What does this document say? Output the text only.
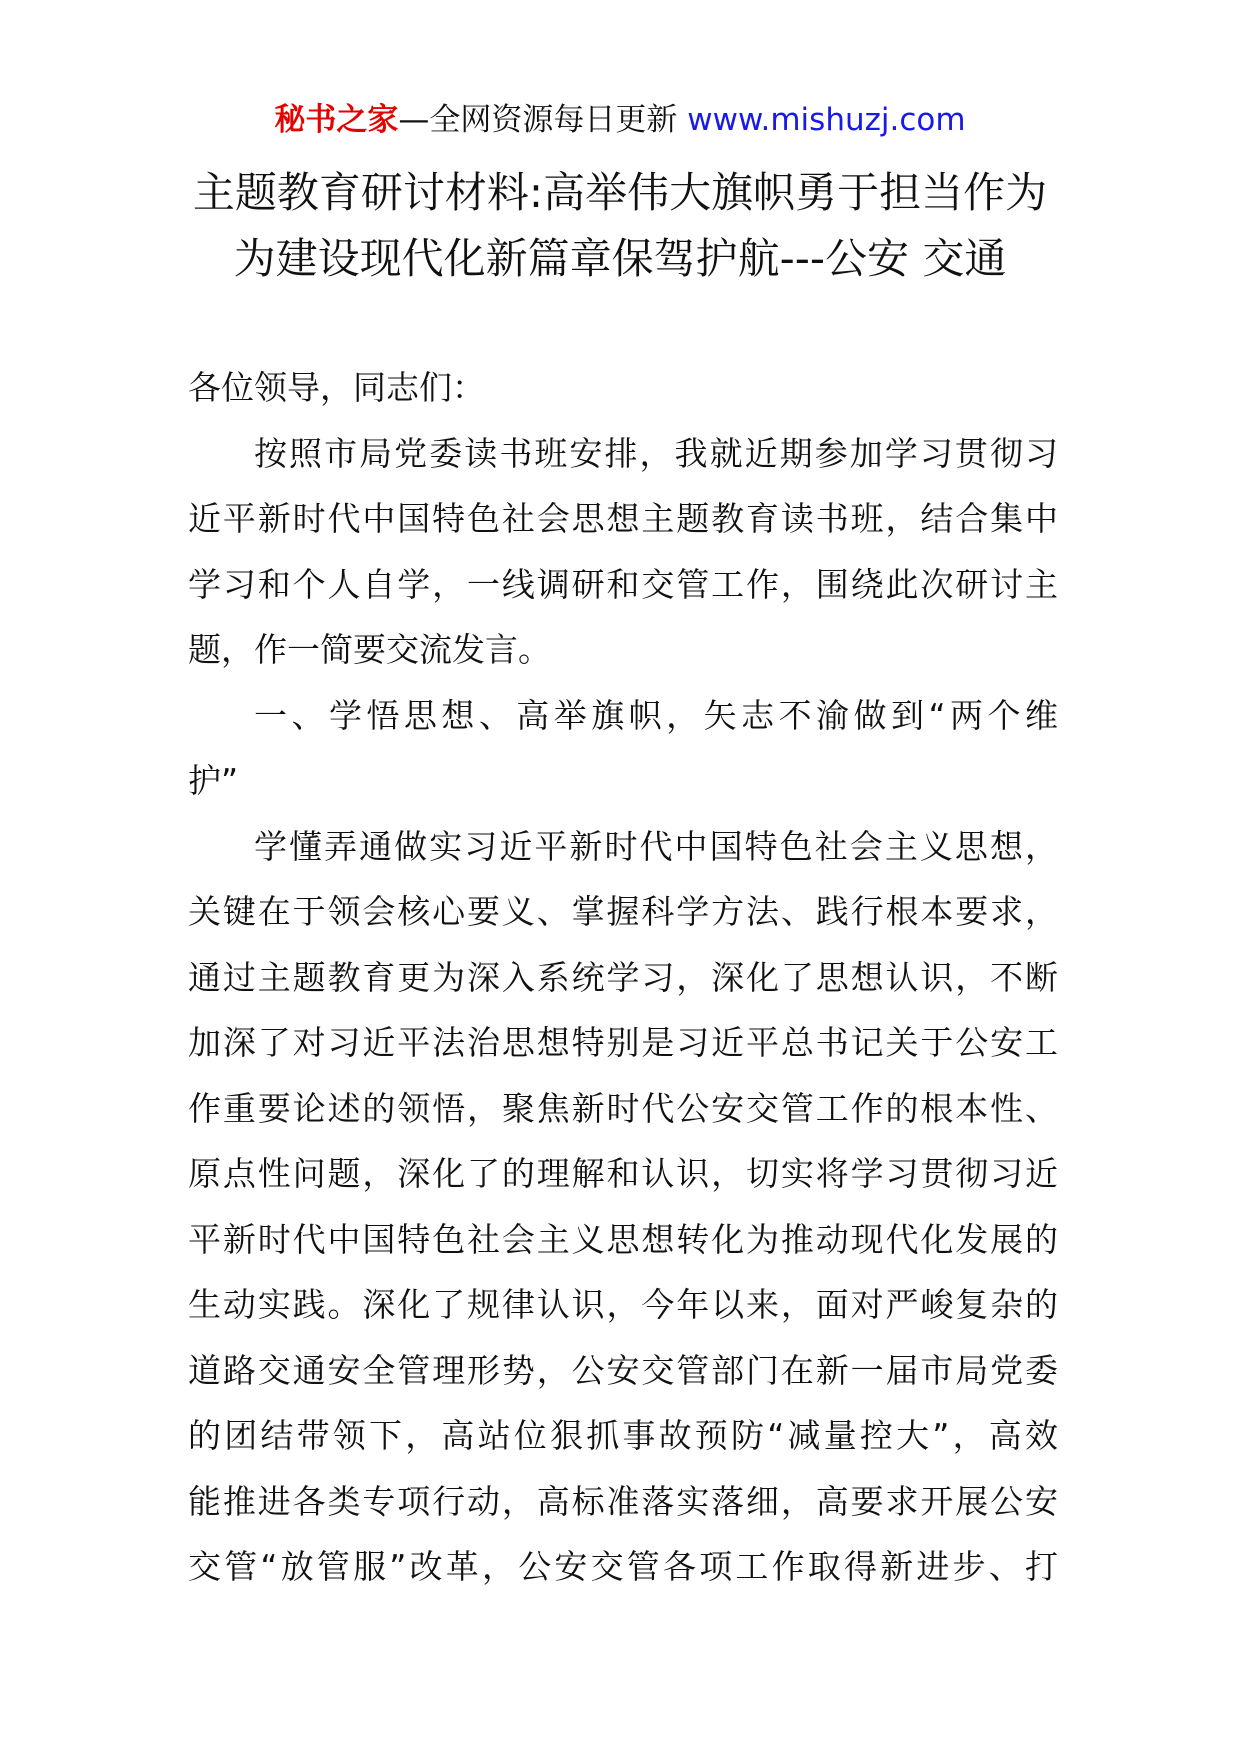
秘书之家—全网资源每日更新 www.mishuzj.com
主题教育研讨材料:高举伟大旗帜勇于担当作为
为建设现代化新篇章保驾护航---公安 交通
各位领导，同志们：
按照市局党委读书班安排，我就近期参加学习贯彻习
近平新时代中国特色社会思想主题教育读书班，结合集中
学习和个人自学，一线调研和交管工作，围绕此次研讨主
题，作一简要交流发言。
一、学悟思想、高举旗帜，矢志不渝做到“两个维
护”
学懂弄通做实习近平新时代中国特色社会主义思想，
关键在于领会核心要义、掌握科学方法、践行根本要求，
通过主题教育更为深入系统学习，深化了思想认识，不断
加深了对习近平法治思想特别是习近平总书记关于公安工
作重要论述的领悟，聚焦新时代公安交管工作的根本性、
原点性问题，深化了的理解和认识，切实将学习贯彻习近
平新时代中国特色社会主义思想转化为推动现代化发展的
生动实践。深化了规律认识，今年以来，面对严峻复杂的
道路交通安全管理形势，公安交管部门在新一届市局党委
的团结带领下，高站位狠抓事故预防“减量控大”，高效
能推进各类专项行动，高标准落实落细，高要求开展公安
交管“放管服”改革，公安交管各项工作取得新进步、打
